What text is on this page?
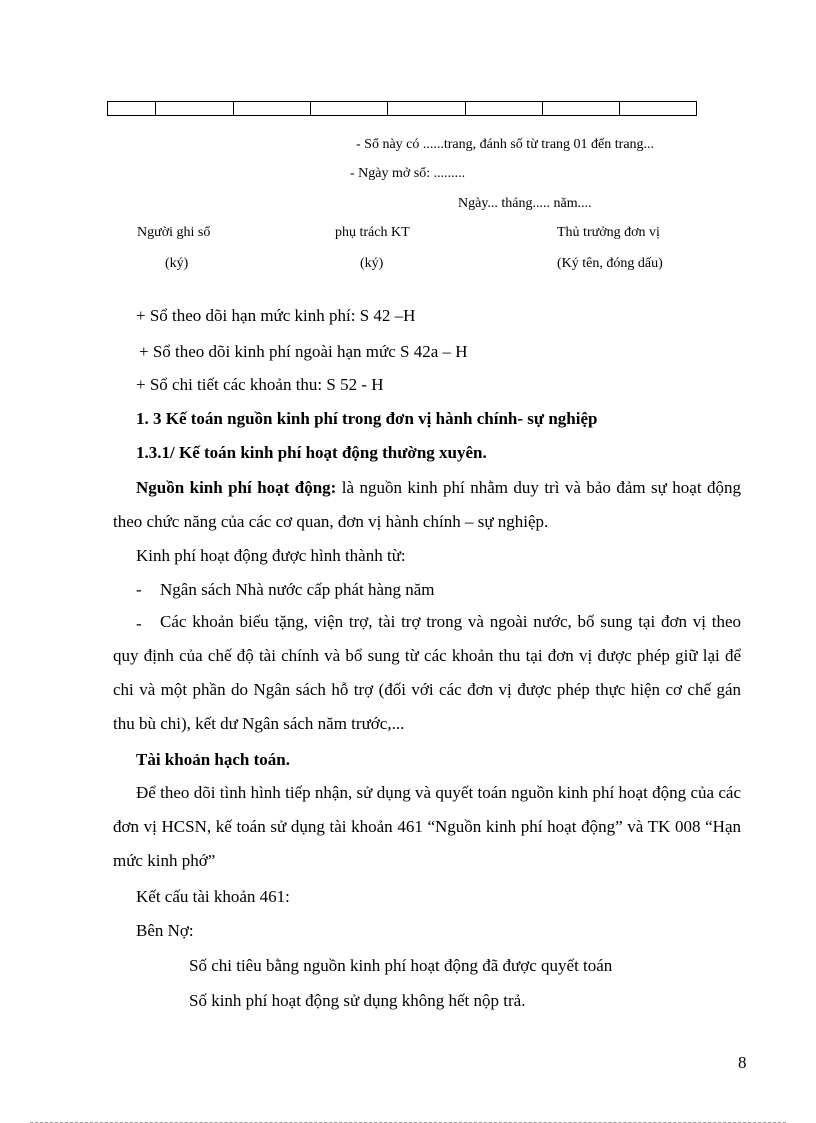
- Sổ này có ......trang, đánh số từ trang 01 đến trang...
- Ngày mở sổ: .........
Ngày... tháng..... năm....
Người ghi sổ	phụ trách KT	Thủ trưởng đơn vị
(ký)	(ký)	(Ký tên, đóng dấu)
+ Sổ theo dõi hạn mức kinh phí: S 42 –H
+ Sổ theo dõi kinh phí ngoài hạn mức S 42a – H
+ Sổ chi tiết các khoản thu: S 52 - H
1. 3 Kế toán nguồn kinh phí trong đơn vị hành chính- sự nghiệp
1.3.1/ Kế toán kinh phí hoạt động thường xuyên.
Nguồn kinh phí hoạt động: là nguồn kinh phí nhằm duy trì và bảo đảm sự hoạt động theo chức năng của các cơ quan, đơn vị hành chính – sự nghiệp.
Kinh phí hoạt động được hình thành từ:
- Ngân sách Nhà nước cấp phát hàng năm
-	Các khoản biếu tặng, viện trợ, tài trợ trong và ngoài nước, bổ sung tại đơn vị theo quy định của chế độ tài chính và bổ sung từ các khoản thu tại đơn vị được phép giữ lại để chi và một phần do Ngân sách hỗ trợ (đối với các đơn vị được phép thực hiện cơ chế gán thu bù chi), kết dư Ngân sách năm trước,...
Tài khoản hạch toán.
Để theo dõi tình hình tiếp nhận, sử dụng và quyết toán nguồn kinh phí hoạt động của các đơn vị HCSN, kế toán sử dụng tài khoản 461 “Nguồn kinh phí hoạt động” và TK 008 “Hạn mức kinh phớ”
Kết cấu tài khoản 461:
Bên Nợ:
Số chi tiêu bằng nguồn kinh phí hoạt động đã được quyết toán
Số kinh phí hoạt động sử dụng không hết nộp trả.
8
